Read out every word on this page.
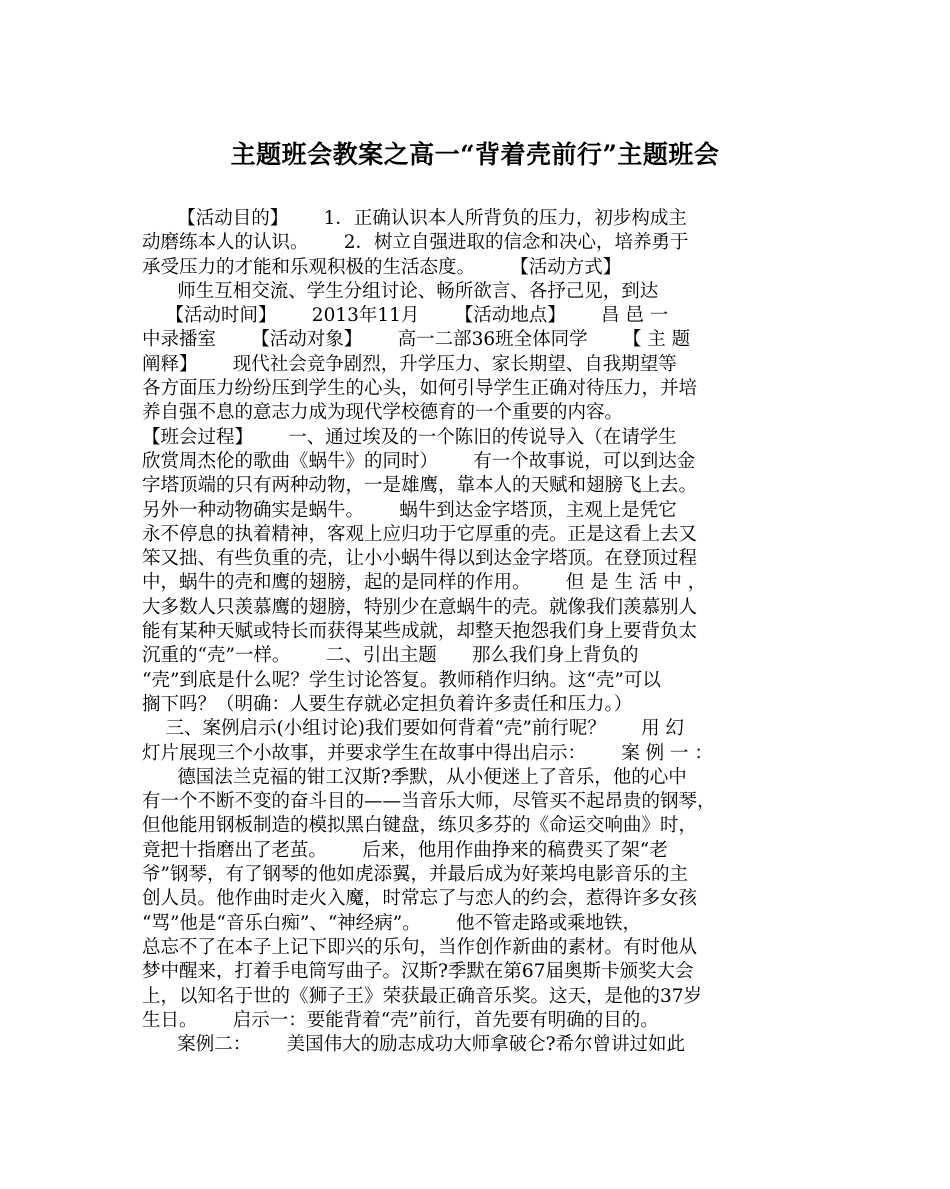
主题班会教案之高一“背着壳前行”主题班会
【活动目的】      1．正确认识本人所背负的压力，初步构成主
动磨练本人的认识。      2．树立自强进取的信念和决心，培养勇于
承受压力的才能和乐观积极的生活态度。      【活动方式】
师生互相交流、学生分组讨论、畅所欲言、各抒己见，到达
【活动时间】      2013年11月      【活动地点】      昌 邑 一
中录播室      【活动对象】      高一二部36班全体同学      【 主 题
阐释】      现代社会竞争剧烈，升学压力、家长期望、自我期望等
各方面压力纷纷压到学生的心头，如何引导学生正确对待压力，并培
养自强不息的意志力成为现代学校德育的一个重要的内容。
【班会过程】      一、通过埃及的一个陈旧的传说导入（在请学生
欣赏周杰伦的歌曲《蜗牛》的同时）      有一个故事说，可以到达金
字塔顶端的只有两种动物，一是雄鹰，靠本人的天赋和翅膀飞上去。
另外一种动物确实是蜗牛。      蜗牛到达金字塔顶，主观上是凭它
永不停息的执着精神，客观上应归功于它厚重的壳。正是这看上去又
笨又拙、有些负重的壳，让小小蜗牛得以到达金字塔顶。在登顶过程
中，蜗牛的壳和鹰的翅膀，起的是同样的作用。      但 是 生 活 中 ，
大多数人只羡慕鹰的翅膀，特别少在意蜗牛的壳。就像我们羡慕别人
能有某种天赋或特长而获得某些成就，却整天抱怨我们身上要背负太
沉重的“壳”一样。      二、引出主题      那么我们身上背负的
“壳”到底是什么呢？学生讨论答复。教师稍作归纳。这“壳”可以
搁下吗？（明确：人要生存就必定担负着许多责任和压力。）
三、案例启示(小组讨论)我们要如何背着“壳”前行呢？      用 幻
灯片展现三个小故事，并要求学生在故事中得出启示：      案 例 一 ：
德国法兰克福的钳工汉斯?季默，从小便迷上了音乐，他的心中
有一个不断不变的奋斗目的——当音乐大师，尽管买不起昂贵的钢琴，
但他能用钢板制造的模拟黑白键盘，练贝多芬的《命运交响曲》时，
竟把十指磨出了老茧。      后来，他用作曲挣来的稿费买了架“老
爷”钢琴，有了钢琴的他如虎添翼，并最后成为好莱坞电影音乐的主
创人员。他作曲时走火入魔，时常忘了与恋人的约会，惹得许多女孩
“骂”他是“音乐白痴”、“神经病”。      他不管走路或乘地铁，
总忘不了在本子上记下即兴的乐句，当作创作新曲的素材。有时他从
梦中醒来，打着手电筒写曲子。汉斯?季默在第67届奥斯卡颁奖大会
上，以知名于世的《狮子王》荣获最正确音乐奖。这天，是他的37岁
生日。      启示一：要能背着“壳”前行，首先要有明确的目的。
案例二：      美国伟大的励志成功大师拿破仑?希尔曾讲过如此
